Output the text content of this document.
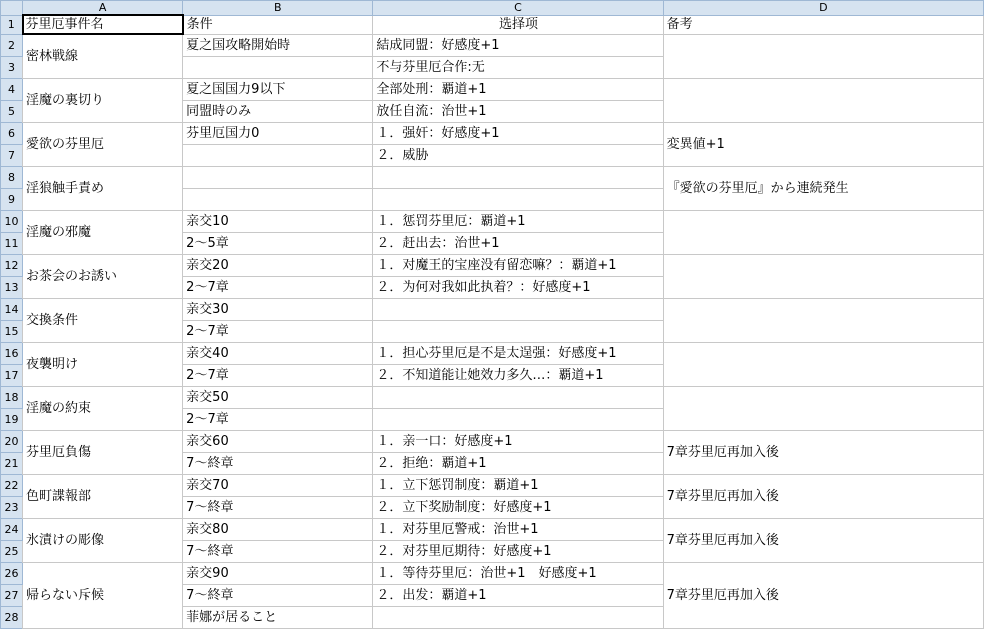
	A	B	C	D
1	芬里厄事件名	条件	选择项	备考
2	密林戦線	夏之国攻略開始時	結成同盟：好感度+1	
3			不与芬里厄合作:无	
4	淫魔の裏切り	夏之国国力9以下	全部处刑：覇道+1	
5		同盟時のみ	放任自流：治世+1	
6	愛欲の芬里厄	芬里厄国力0	１．强奸：好感度+1	変異値+1
7			２．威胁	
8	淫狼触手責め			『愛欲の芬里厄』から連続発生
9				
10	淫魔の邪魔	亲交10	１．惩罚芬里厄：覇道+1	
11		2〜5章	２．赶出去：治世+1	
12	お茶会のお誘い	亲交20	１．对魔王的宝座没有留恋嘛？：覇道+1	
13		2〜7章	２．为何对我如此执着？：好感度+1	
14	交換条件	亲交30		
15		2〜7章		
16	夜襲明け	亲交40	１．担心芬里厄是不是太逞强：好感度+1	
17		2〜7章	２．不知道能让她效力多久…：覇道+1	
18	淫魔の約束	亲交50		
19		2〜7章		
20	芬里厄負傷	亲交60	１．亲一口：好感度+1	7章芬里厄再加入後
21		7〜終章	２．拒绝：覇道+1	
22	色町諜報部	亲交70	１．立下惩罚制度：覇道+1	7章芬里厄再加入後
23		7〜終章	２．立下奖励制度：好感度+1	
24	氷漬けの彫像	亲交80	１．对芬里厄警戒：治世+1	7章芬里厄再加入後
25		7〜終章	２．对芬里厄期待：好感度+1	
26	帰らない斥候	亲交90	１．等待芬里厄：治世+1　好感度+1	7章芬里厄再加入後
27		7〜終章	２．出发：覇道+1	
28		菲娜が居ること		
